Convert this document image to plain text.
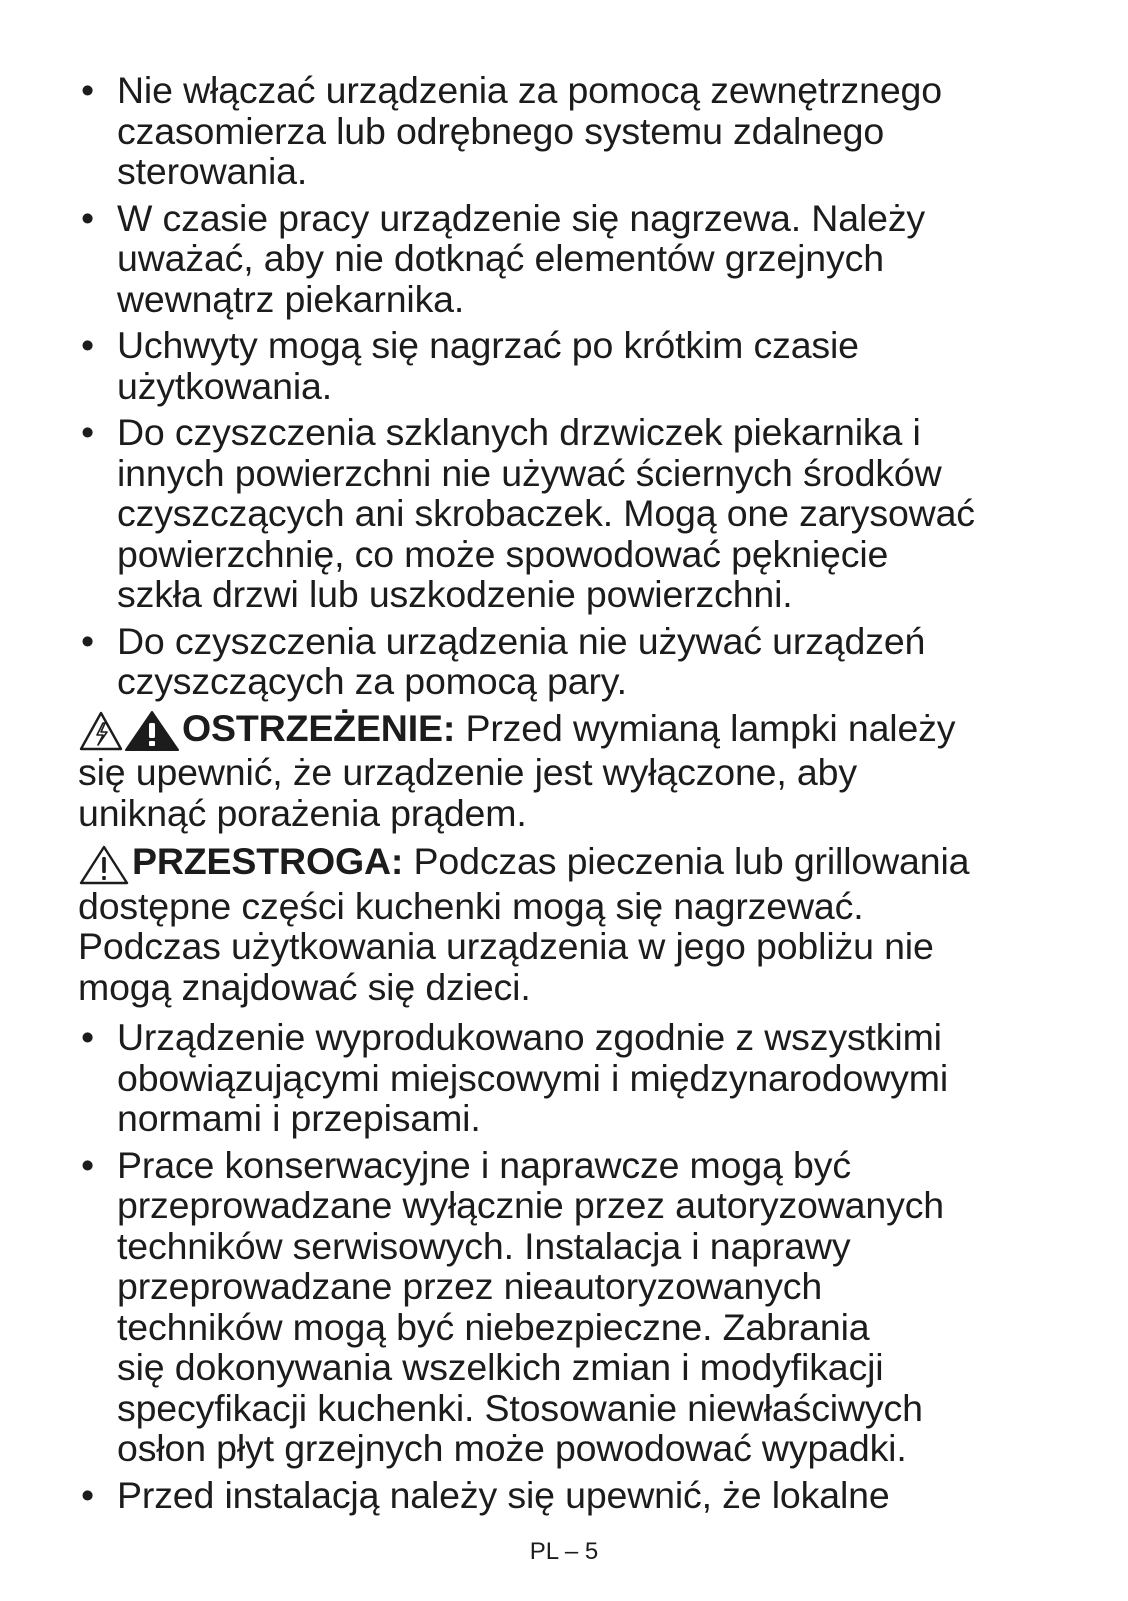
• Nie włączać urządzenia za pomocą zewnętrznego
czasomierza lub odrębnego systemu zdalnego
sterowania.
• W czasie pracy urządzenie się nagrzewa. Należy
uważać, aby nie dotknąć elementów grzejnych
wewnątrz piekarnika.
• Uchwyty mogą się nagrzać po krótkim czasie
użytkowania.
• Do czyszczenia szklanych drzwiczek piekarnika i
innych powierzchni nie używać ściernych środków
czyszczących ani skrobaczek. Mogą one zarysować
powierzchnię, co może spowodować pęknięcie
szkła drzwi lub uszkodzenie powierzchni.
• Do czyszczenia urządzenia nie używać urządzeń
czyszczących za pomocą pary.
OSTRZEŻENIE: Przed wymianą lampki należy
się upewnić, że urządzenie jest wyłączone, aby
uniknąć porażenia prądem.
PRZESTROGA: Podczas pieczenia lub grillowania
dostępne części kuchenki mogą się nagrzewać.
Podczas użytkowania urządzenia w jego pobliżu nie
mogą znajdować się dzieci.
• Urządzenie wyprodukowano zgodnie z wszystkimi
obowiązującymi miejscowymi i międzynarodowymi
normami i przepisami.
• Prace konserwacyjne i naprawcze mogą być
przeprowadzane wyłącznie przez autoryzowanych
techników serwisowych. Instalacja i naprawy
przeprowadzane przez nieautoryzowanych
techników mogą być niebezpieczne. Zabrania
się dokonywania wszelkich zmian i modyfikacji
specyfikacji kuchenki. Stosowanie niewłaściwych
osłon płyt grzejnych może powodować wypadki.
• Przed instalacją należy się upewnić, że lokalne
PL – 5
